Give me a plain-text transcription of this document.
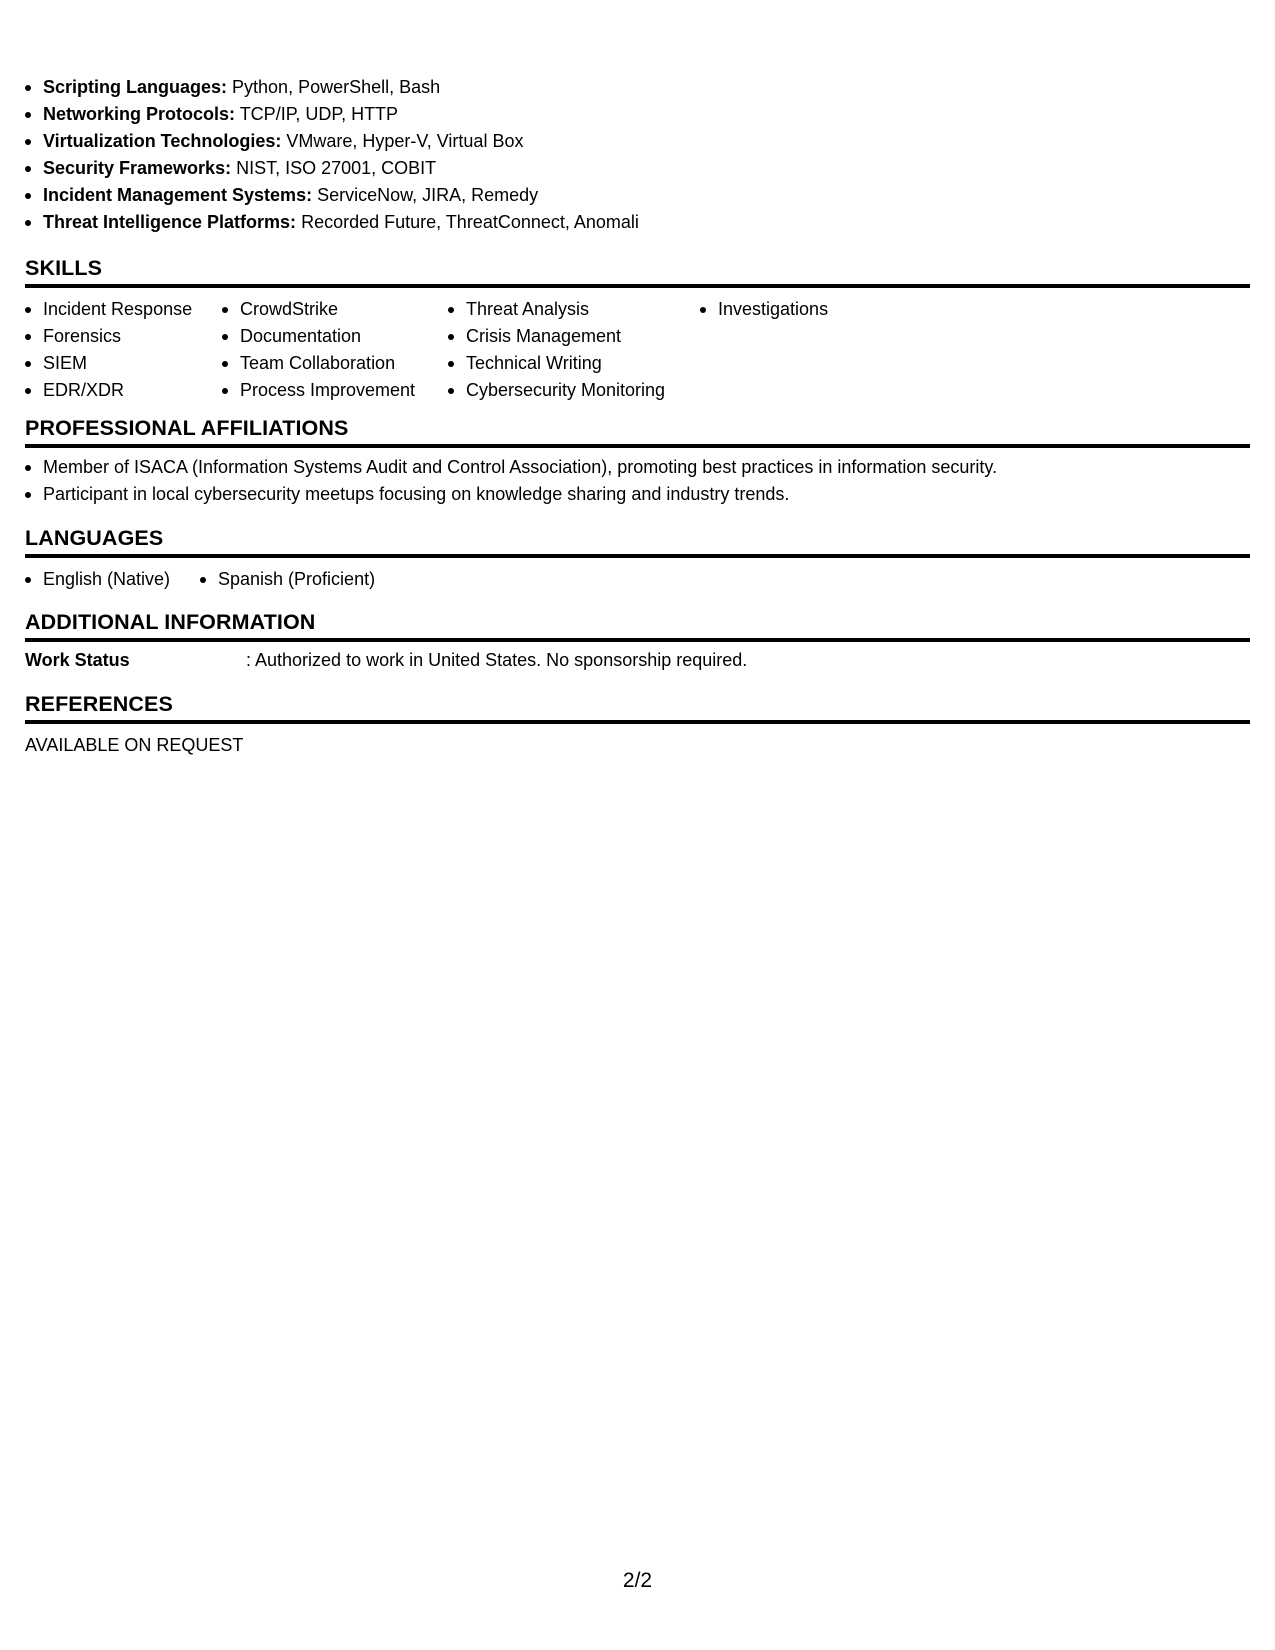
Scripting Languages: Python, PowerShell, Bash
Networking Protocols: TCP/IP, UDP, HTTP
Virtualization Technologies: VMware, Hyper-V, Virtual Box
Security Frameworks: NIST, ISO 27001, COBIT
Incident Management Systems: ServiceNow, JIRA, Remedy
Threat Intelligence Platforms: Recorded Future, ThreatConnect, Anomali
SKILLS
Incident Response
Forensics
SIEM
EDR/XDR
CrowdStrike
Documentation
Team Collaboration
Process Improvement
Threat Analysis
Crisis Management
Technical Writing
Cybersecurity Monitoring
Investigations
PROFESSIONAL AFFILIATIONS
Member of ISACA (Information Systems Audit and Control Association), promoting best practices in information security.
Participant in local cybersecurity meetups focusing on knowledge sharing and industry trends.
LANGUAGES
English (Native)	Spanish (Proficient)
ADDITIONAL INFORMATION
Work Status	: Authorized to work in United States. No sponsorship required.
REFERENCES
AVAILABLE ON REQUEST
2/2
